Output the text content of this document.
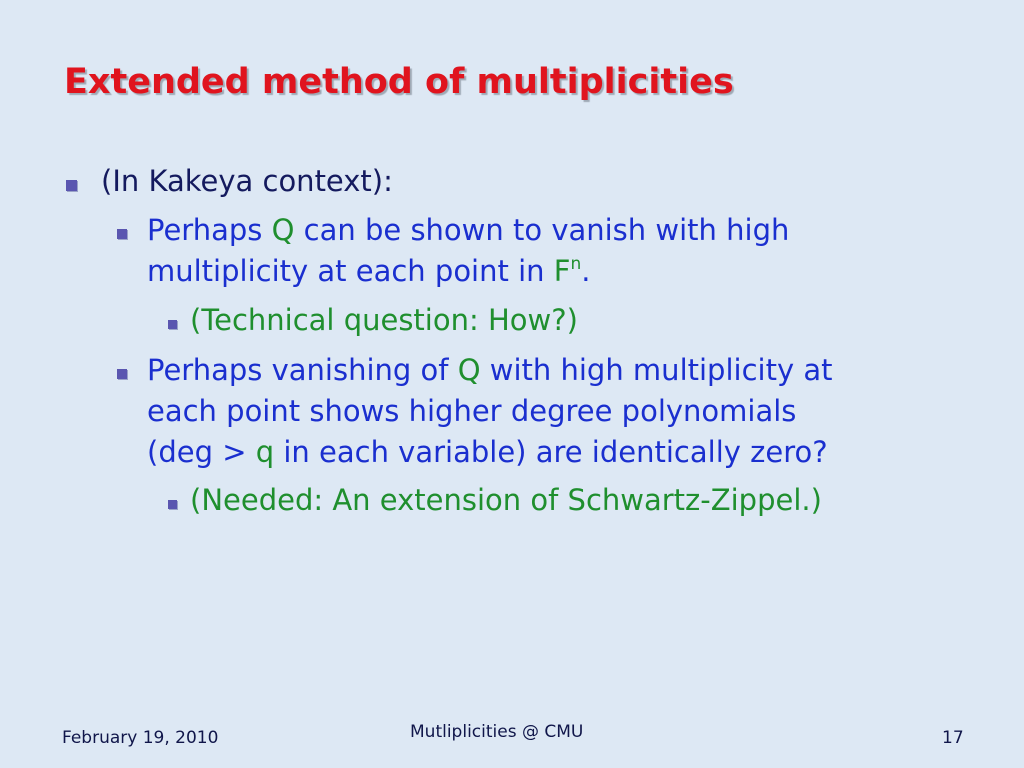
Extended method of multiplicities
(In Kakeya context):
Perhaps Q can be shown to vanish with high
multiplicity at each point in $F^n$.
(Technical question: How?)
Perhaps vanishing of Q with high multiplicity at
each point shows higher degree polynomials
(deg > q in each variable) are identically zero?
(Needed: An extension of Schwartz-Zippel.)
February 19, 2010	Mutliplicities @ CMU	17
